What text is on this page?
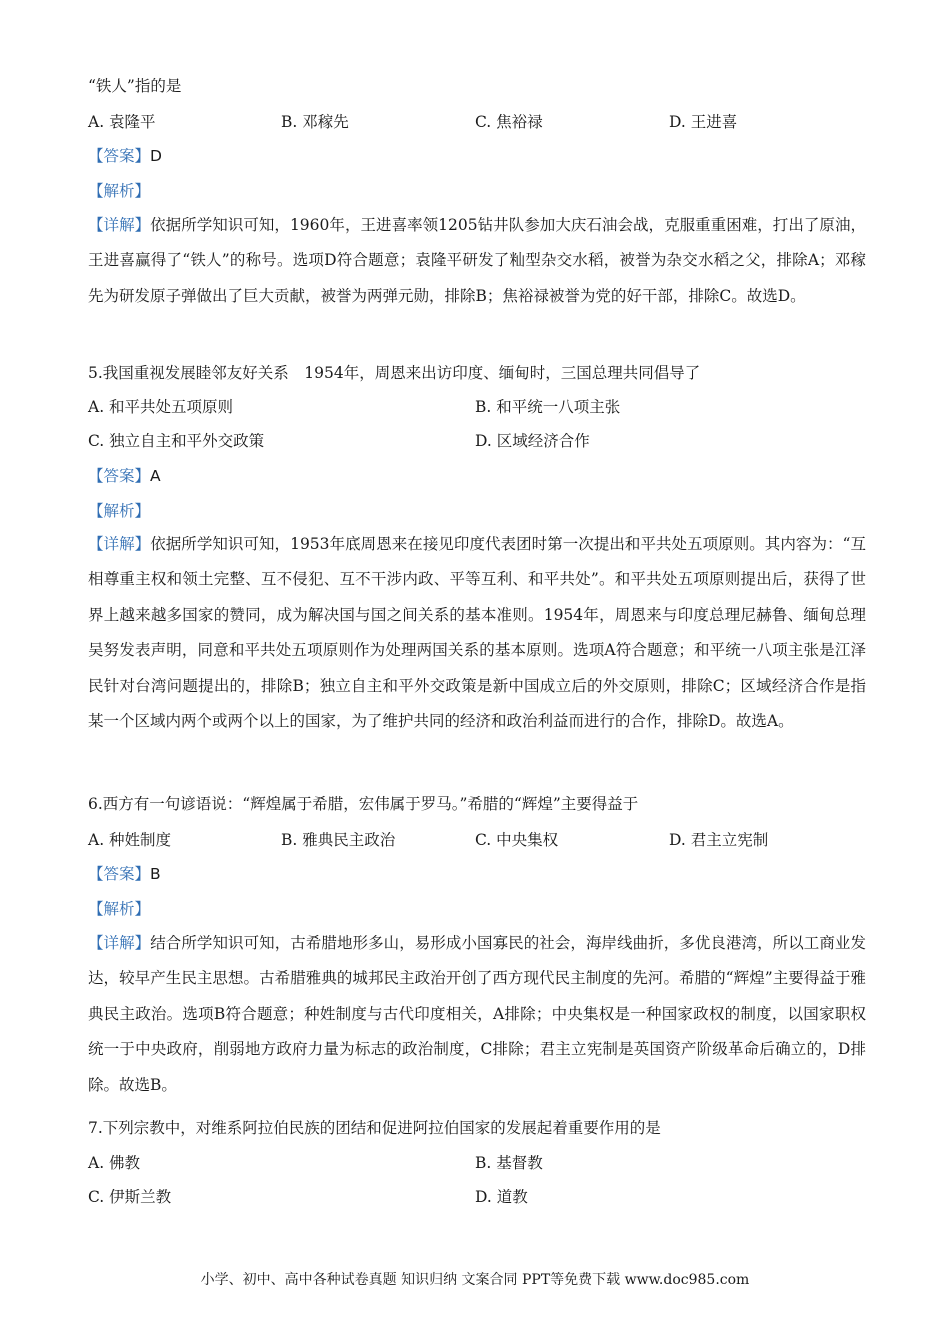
“铁人”指的是
A. 袁隆平	B. 邓稼先	C. 焦裕禄	D. 王进喜
【答案】D
【解析】
【详解】依据所学知识可知，1960年，王进喜率领1205钻井队参加大庆石油会战，克服重重困难，打出了原油，王进喜赢得了“铁人”的称号。选项D符合题意；袁隆平研发了籼型杂交水稻，被誉为杂交水稻之父，排除A；邓稼先为研发原子弹做出了巨大贡献，被誉为两弹元勋，排除B；焦裕禄被誉为党的好干部，排除C。故选D。
5.我国重视发展睦邻友好关系　1954年，周恩来出访印度、缅甸时，三国总理共同倡导了
A. 和平共处五项原则	B. 和平统一八项主张
C. 独立自主和平外交政策	D. 区域经济合作
【答案】A
【解析】
【详解】依据所学知识可知，1953年底周恩来在接见印度代表团时第一次提出和平共处五项原则。其内容为：“互相尊重主权和领土完整、互不侵犯、互不干涉内政、平等互利、和平共处”。和平共处五项原则提出后，获得了世界上越来越多国家的赞同，成为解决国与国之间关系的基本准则。1954年，周恩来与印度总理尼赫鲁、缅甸总理吴努发表声明，同意和平共处五项原则作为处理两国关系的基本原则。选项A符合题意；和平统一八项主张是江泽民针对台湾问题提出的，排除B；独立自主和平外交政策是新中国成立后的外交原则，排除C；区域经济合作是指某一个区域内两个或两个以上的国家，为了维护共同的经济和政治利益而进行的合作，排除D。故选A。
6.西方有一句谚语说：“辉煌属于希腊，宏伟属于罗马。”希腊的“辉煌”主要得益于
A. 种姓制度	B. 雅典民主政治	C. 中央集权	D. 君主立宪制
【答案】B
【解析】
【详解】结合所学知识可知，古希腊地形多山，易形成小国寡民的社会，海岸线曲折，多优良港湾，所以工商业发达，较早产生民主思想。古希腊雅典的城邦民主政治开创了西方现代民主制度的先河。希腊的“辉煌”主要得益于雅典民主政治。选项B符合题意；种姓制度与古代印度相关，A排除；中央集权是一种国家政权的制度，以国家职权统一于中央政府，削弱地方政府力量为标志的政治制度，C排除；君主立宪制是英国资产阶级革命后确立的，D排除。故选B。
7.下列宗教中，对维系阿拉伯民族的团结和促进阿拉伯国家的发展起着重要作用的是
A. 佛教	B. 基督教
C. 伊斯兰教	D. 道教
小学、初中、高中各种试卷真题 知识归纳 文案合同 PPT等免费下载 www.doc985.com
